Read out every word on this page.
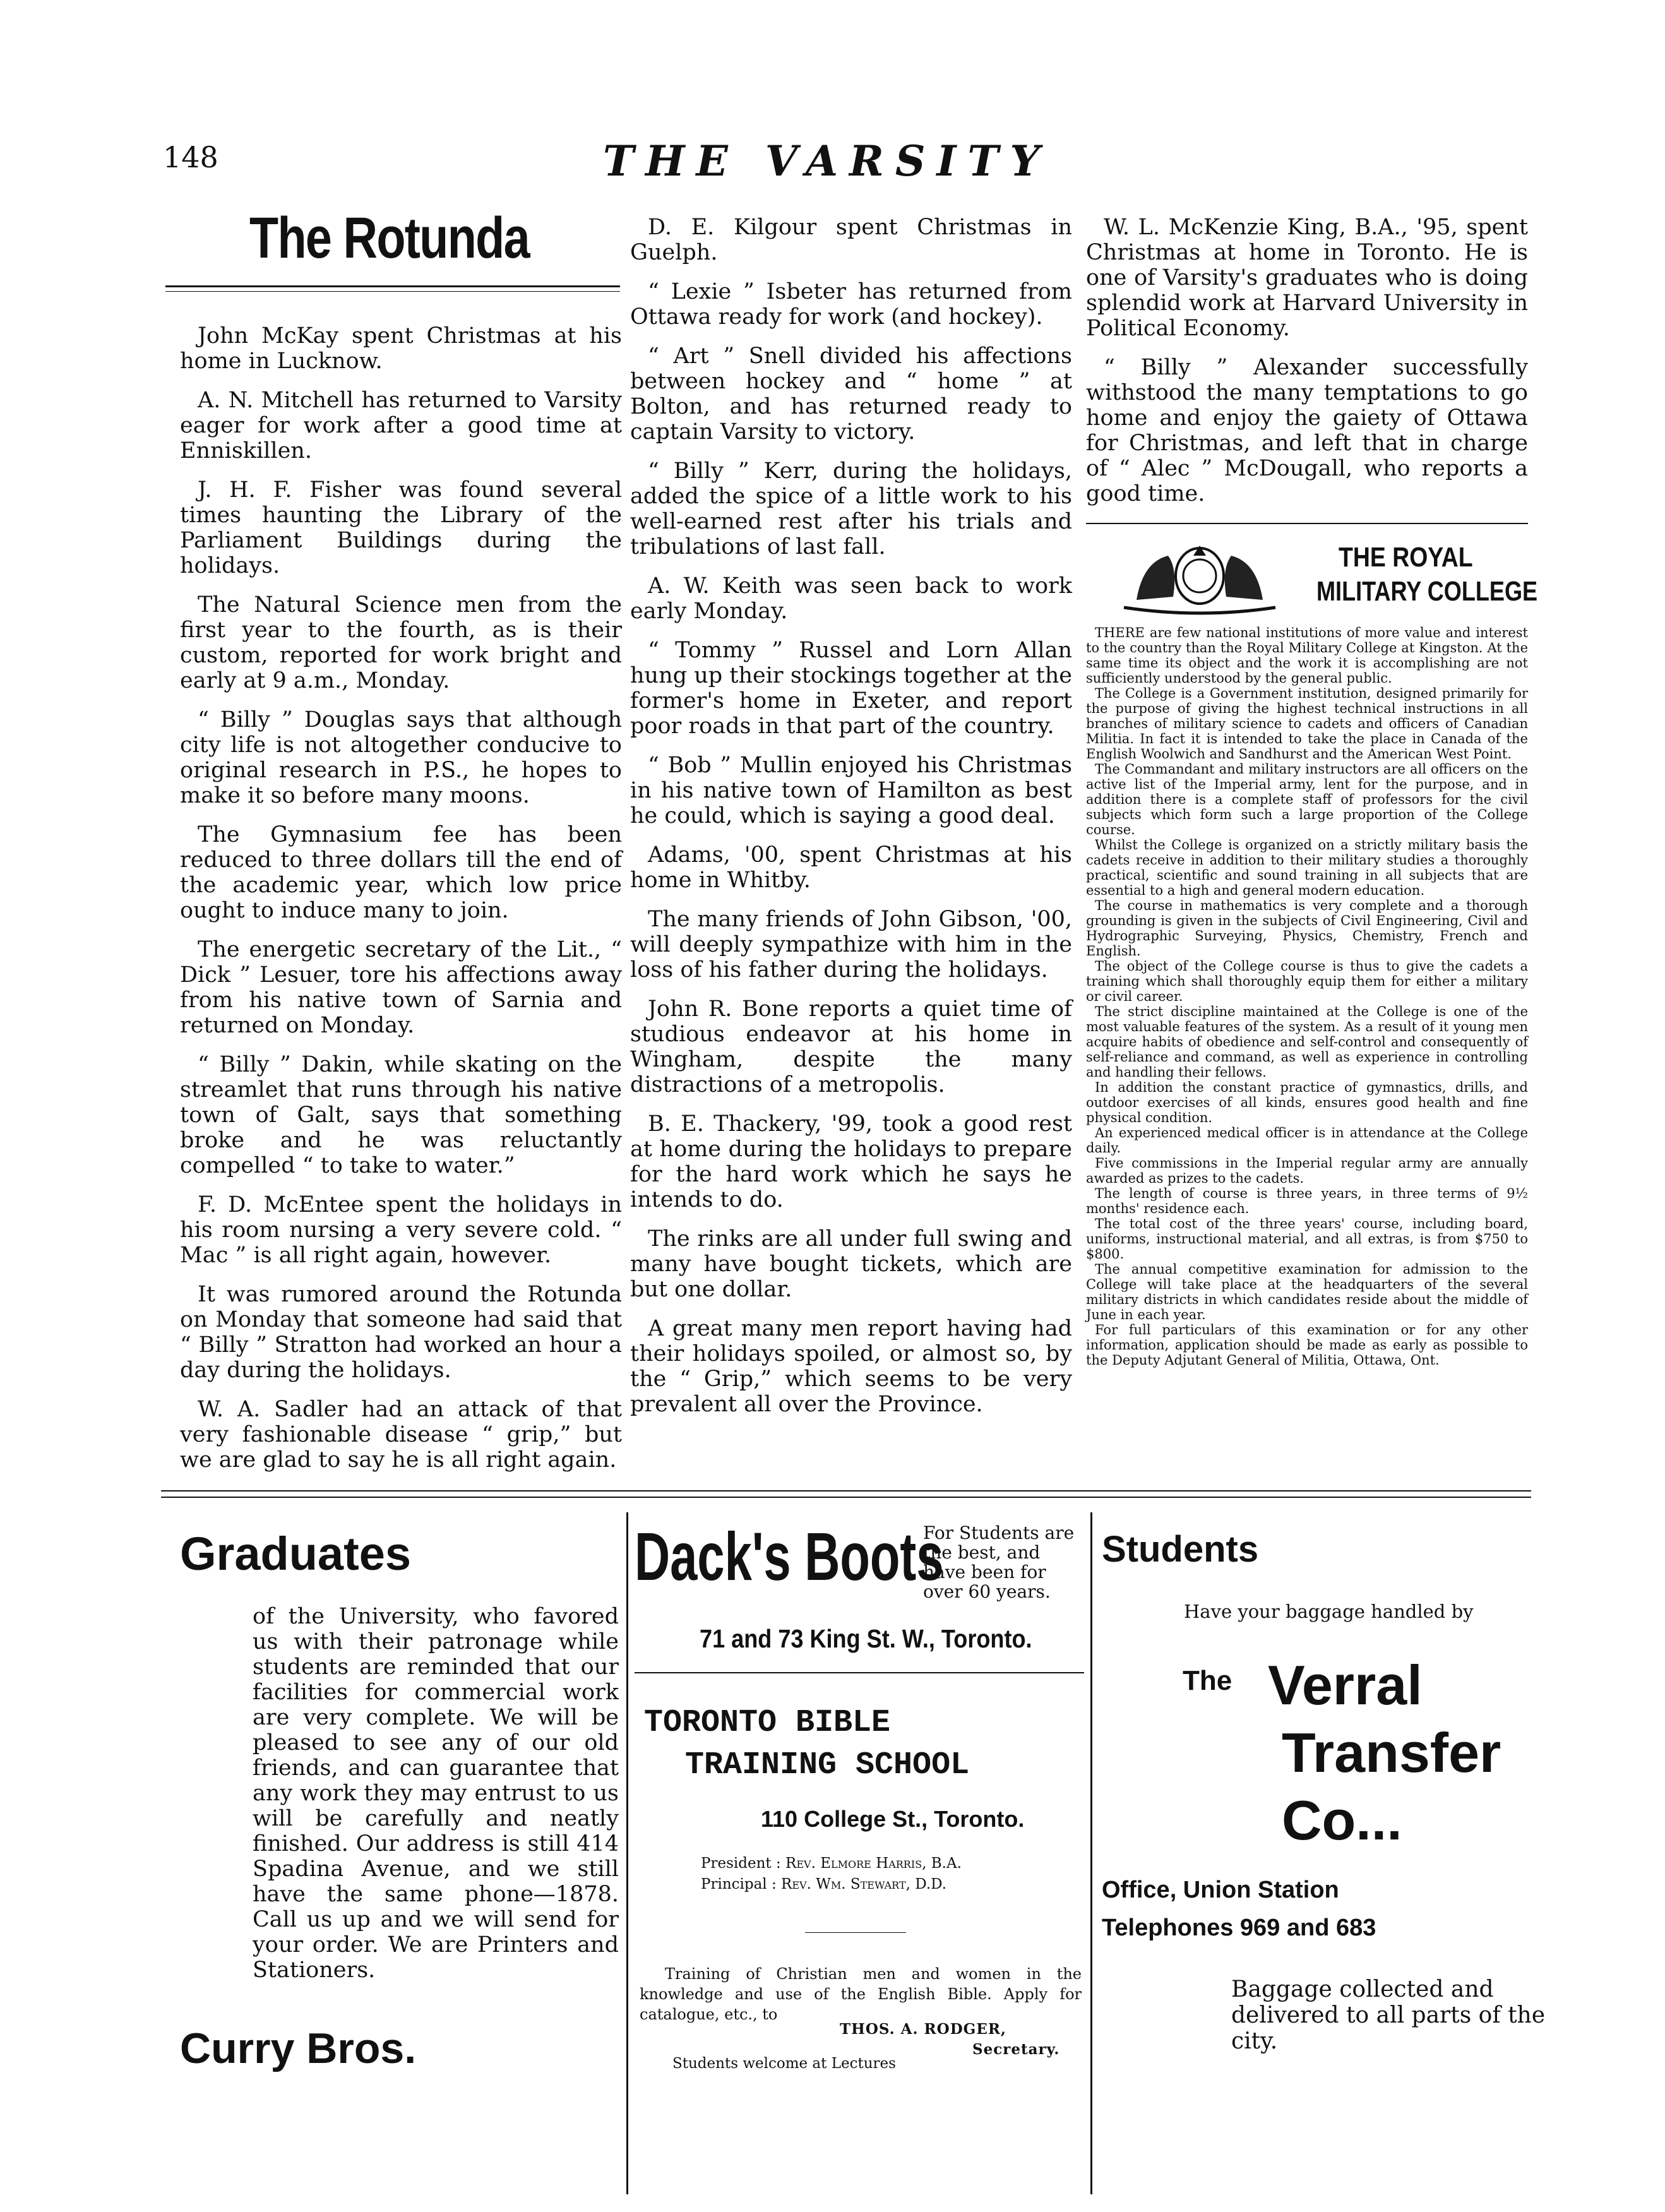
148	THE VARSITY
The Rotunda

John McKay spent Christmas at his home in Lucknow.

A. N. Mitchell has returned to Varsity eager for work after a good time at Enniskillen.

J. H. F. Fisher was found several times haunting the Library of the Parliament Buildings during the holidays.

The Natural Science men from the first year to the fourth, as is their custom, reported for work bright and early at 9 a.m., Monday.

“ Billy ” Douglas says that although city life is not altogether conducive to original research in P.S., he hopes to make it so before many moons.

The Gymnasium fee has been reduced to three dollars till the end of the academic year, which low price ought to induce many to join.

The energetic secretary of the Lit., “ Dick ” Lesuer, tore his affections away from his native town of Sarnia and returned on Monday.

“ Billy ” Dakin, while skating on the streamlet that runs through his native town of Galt, says that something broke and he was reluctantly compelled “ to take to water.”

F. D. McEntee spent the holidays in his room nursing a very severe cold. “ Mac ” is all right again, however.

It was rumored around the Rotunda on Monday that someone had said that “ Billy ” Stratton had worked an hour a day during the holidays.

W. A. Sadler had an attack of that very fashionable disease “ grip,” but we are glad to say he is all right again.

D. E. Kilgour spent Christmas in Guelph.

“ Lexie ” Isbeter has returned from Ottawa ready for work (and hockey).

“ Art ” Snell divided his affections between hockey and “ home ” at Bolton, and has returned ready to captain Varsity to victory.

“ Billy ” Kerr, during the holidays, added the spice of a little work to his well-earned rest after his trials and tribulations of last fall.

A. W. Keith was seen back to work early Monday.

“ Tommy ” Russel and Lorn Allan hung up their stockings together at the former's home in Exeter, and report poor roads in that part of the country.

“ Bob ” Mullin enjoyed his Christmas in his native town of Hamilton as best he could, which is saying a good deal.

Adams, '00, spent Christmas at his home in Whitby.

The many friends of John Gibson, '00, will deeply sympathize with him in the loss of his father during the holidays.

John R. Bone reports a quiet time of studious endeavor at his home in Wingham, despite the many distractions of a metropolis.

B. E. Thackery, '99, took a good rest at home during the holidays to prepare for the hard work which he says he intends to do.

The rinks are all under full swing and many have bought tickets, which are but one dollar.

A great many men report having had their holidays spoiled, or almost so, by the “ Grip,” which seems to be very prevalent all over the Province.

W. L. McKenzie King, B.A., '95, spent Christmas at home in Toronto. He is one of Varsity's graduates who is doing splendid work at Harvard University in Political Economy.

“ Billy ” Alexander successfully withstood the many temptations to go home and enjoy the gaiety of Ottawa for Christmas, and left that in charge of “ Alec ” McDougall, who reports a good time.

THE ROYAL
MILITARY COLLEGE

THERE are few national institutions of more value and interest to the country than the Royal Military College at Kingston. At the same time its object and the work it is accomplishing are not sufficiently understood by the general public.

The College is a Government institution, designed primarily for the purpose of giving the highest technical instructions in all branches of military science to cadets and officers of Canadian Militia. In fact it is intended to take the place in Canada of the English Woolwich and Sandhurst and the American West Point.

The Commandant and military instructors are all officers on the active list of the Imperial army, lent for the purpose, and in addition there is a complete staff of professors for the civil subjects which form such a large proportion of the College course.

Whilst the College is organized on a strictly military basis the cadets receive in addition to their military studies a thoroughly practical, scientific and sound training in all subjects that are essential to a high and general modern education.

The course in mathematics is very complete and a thorough grounding is given in the subjects of Civil Engineering, Civil and Hydrographic Surveying, Physics, Chemistry, French and English.

The object of the College course is thus to give the cadets a training which shall thoroughly equip them for either a military or civil career.

The strict discipline maintained at the College is one of the most valuable features of the system. As a result of it young men acquire habits of obedience and self-control and consequently of self-reliance and command, as well as experience in controlling and handling their fellows.

In addition the constant practice of gymnastics, drills, and outdoor exercises of all kinds, ensures good health and fine physical condition.

An experienced medical officer is in attendance at the College daily.

Five commissions in the Imperial regular army are annually awarded as prizes to the cadets.

The length of course is three years, in three terms of 9½ months' residence each.

The total cost of the three years' course, including board, uniforms, instructional material, and all extras, is from $750 to $800.

The annual competitive examination for admission to the College will take place at the headquarters of the several military districts in which candidates reside about the middle of June in each year.

For full particulars of this examination or for any other information, application should be made as early as possible to the Deputy Adjutant General of Militia, Ottawa, Ont.

Graduates
of the University, who favored us with their patronage while students are reminded that our facilities for commercial work are very complete. We will be pleased to see any of our old friends, and can guarantee that any work they may entrust to us will be carefully and neatly finished. Our address is still 414 Spadina Avenue, and we still have the same phone—1878. Call us up and we will send for your order. We are Printers and Stationers.
Curry Bros.
Dack's Boots
For Students are the best, and have been for over 60 years.
71 and 73 King St. W., Toronto.
TORONTO BIBLE
TRAINING SCHOOL
110 College St., Toronto.
President : Rev. Elmore Harris, B.A.
Principal : Rev. Wm. Stewart, D.D.
Training of Christian men and women in the knowledge and use of the English Bible. Apply for catalogue, etc., to
THOS. A. RODGER,
Secretary.
Students welcome at Lectures
Students
Have your baggage handled by
The Verral
Transfer
Co...
Office, Union Station
Telephones 969 and 683
Baggage collected and delivered to all parts of the city.
